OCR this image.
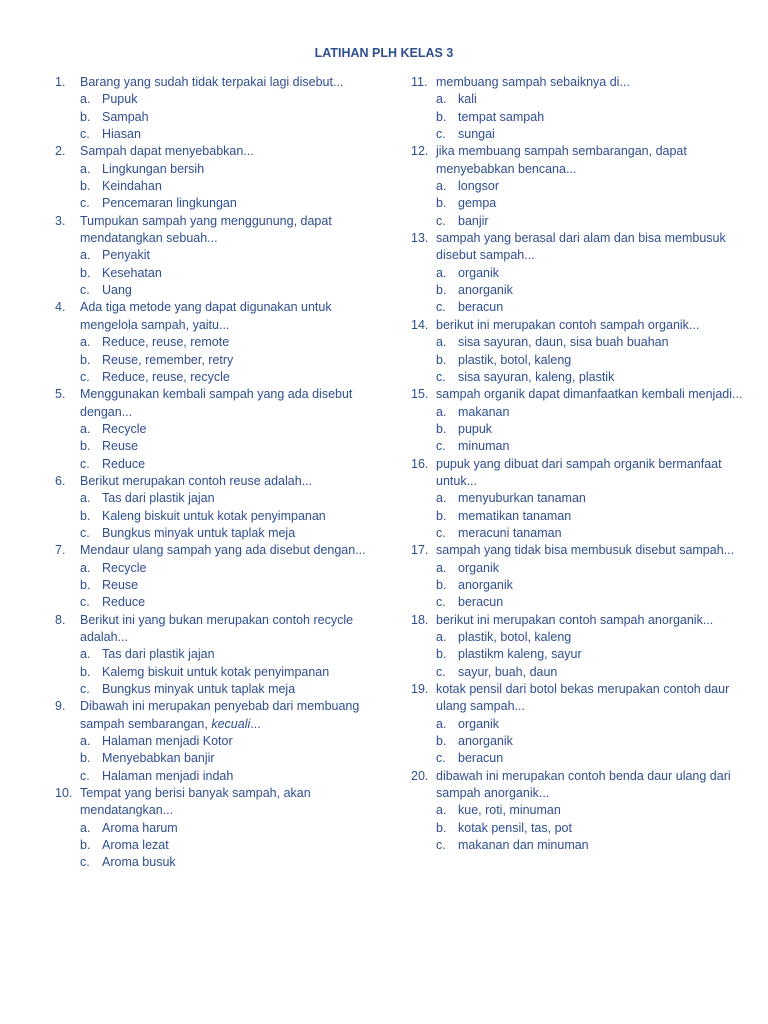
LATIHAN PLH KELAS 3
1. Barang yang sudah tidak terpakai lagi disebut...
a. Pupuk
b. Sampah
c. Hiasan
2. Sampah dapat menyebabkan...
a. Lingkungan bersih
b. Keindahan
c. Pencemaran lingkungan
3. Tumpukan sampah yang menggunung, dapat mendatangkan sebuah...
a. Penyakit
b. Kesehatan
c. Uang
4. Ada tiga metode yang dapat digunakan untuk mengelola sampah, yaitu...
a. Reduce, reuse, remote
b. Reuse, remember, retry
c. Reduce, reuse, recycle
5. Menggunakan kembali sampah yang ada disebut dengan...
a. Recycle
b. Reuse
c. Reduce
6. Berikut merupakan contoh reuse adalah...
a. Tas dari plastik jajan
b. Kaleng biskuit untuk kotak penyimpanan
c. Bungkus minyak untuk taplak meja
7. Mendaur ulang sampah yang ada disebut dengan...
a. Recycle
b. Reuse
c. Reduce
8. Berikut ini yang bukan merupakan contoh recycle adalah...
a. Tas dari plastik jajan
b. Kalemg biskuit untuk kotak penyimpanan
c. Bungkus minyak untuk taplak meja
9. Dibawah ini merupakan penyebab dari membuang sampah sembarangan, kecuali...
a. Halaman menjadi Kotor
b. Menyebabkan banjir
c. Halaman menjadi indah
10. Tempat yang berisi banyak sampah, akan mendatangkan...
a. Aroma harum
b. Aroma lezat
c. Aroma busuk
11. membuang sampah sebaiknya di...
a. kali
b. tempat sampah
c. sungai
12. jika membuang sampah sembarangan, dapat menyebabkan bencana...
a. longsor
b. gempa
c. banjir
13. sampah yang berasal dari alam dan bisa membusuk disebut sampah...
a. organik
b. anorganik
c. beracun
14. berikut ini merupakan contoh sampah organik...
a. sisa sayuran, daun, sisa buah buahan
b. plastik, botol, kaleng
c. sisa sayuran, kaleng, plastik
15. sampah organik dapat dimanfaatkan kembali menjadi...
a. makanan
b. pupuk
c. minuman
16. pupuk yang dibuat dari sampah organik bermanfaat untuk...
a. menyuburkan tanaman
b. mematikan tanaman
c. meracuni tanaman
17. sampah yang tidak bisa membusuk disebut sampah...
a. organik
b. anorganik
c. beracun
18. berikut ini merupakan contoh sampah anorganik...
a. plastik, botol, kaleng
b. plastikm kaleng, sayur
c. sayur, buah, daun
19. kotak pensil dari botol bekas merupakan contoh daur ulang sampah...
a. organik
b. anorganik
c. beracun
20. dibawah ini merupakan contoh benda daur ulang dari sampah anorganik...
a. kue, roti, minuman
b. kotak pensil, tas, pot
c. makanan dan minuman
